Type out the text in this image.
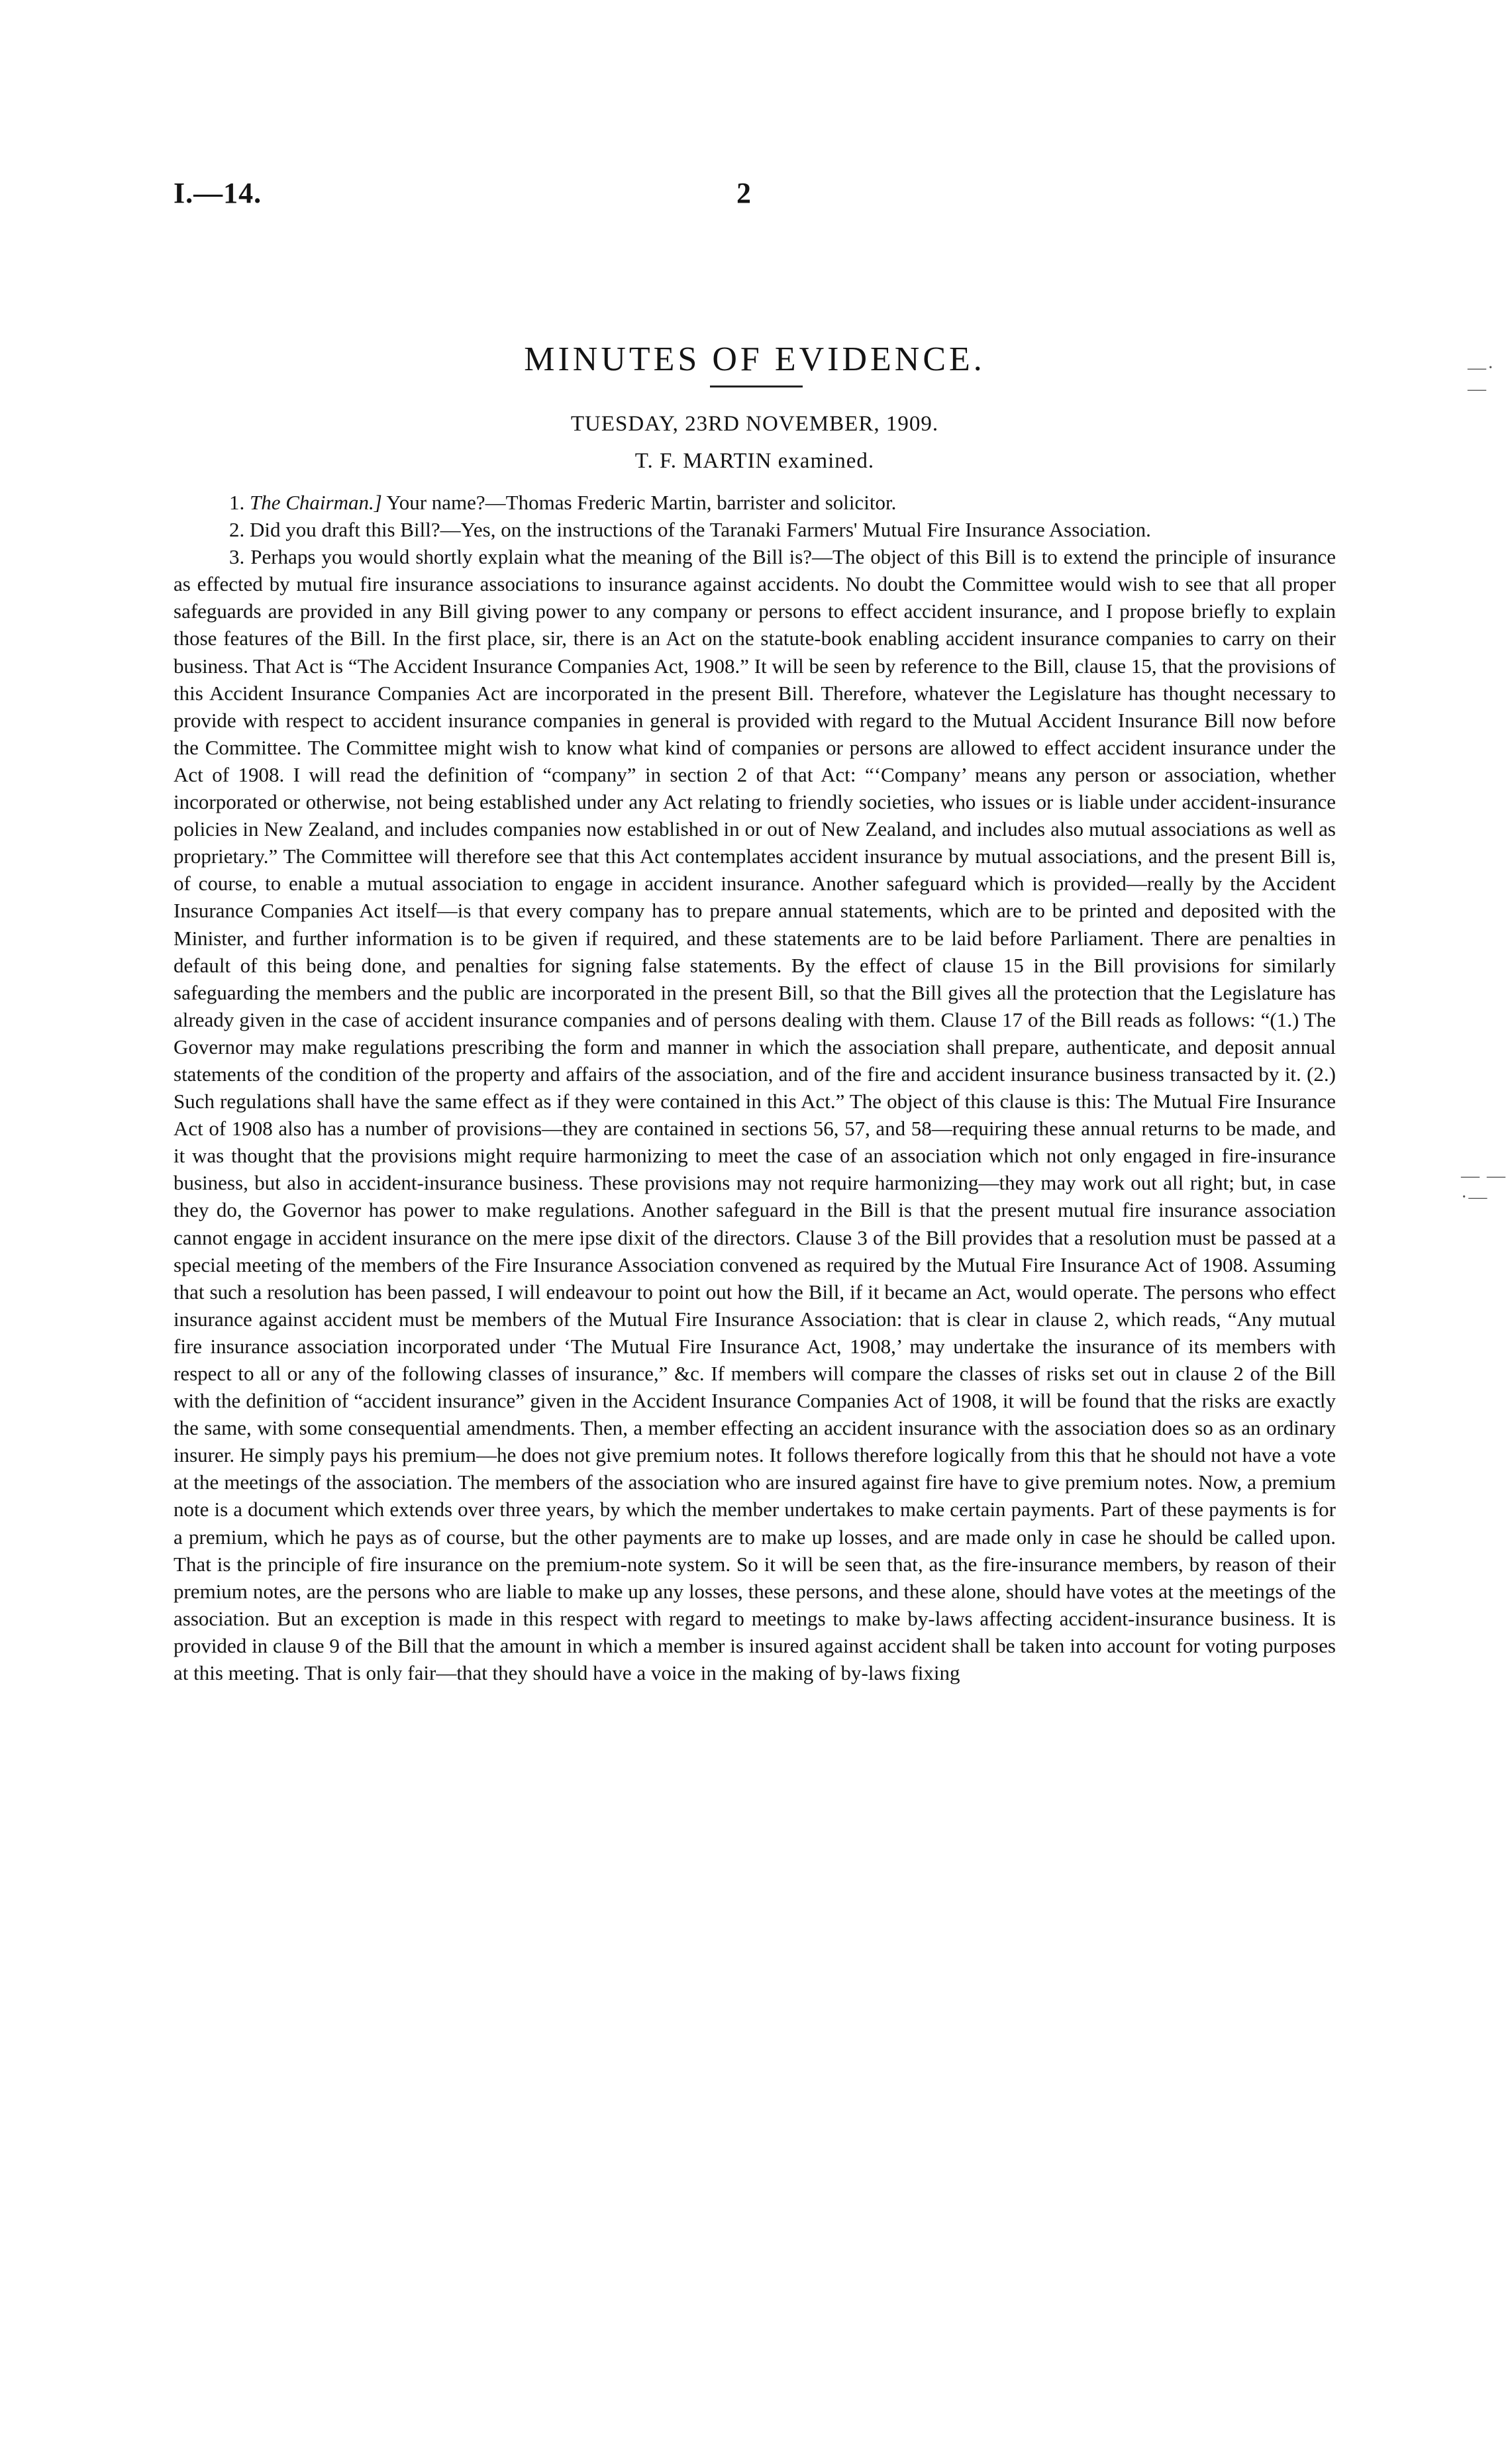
I.—14.	2
MINUTES OF EVIDENCE.
TUESDAY, 23RD NOVEMBER, 1909.
T. F. MARTIN examined.
—·—
— —·—

1. The Chairman.] Your name?—Thomas Frederic Martin, barrister and solicitor.

2. Did you draft this Bill?—Yes, on the instructions of the Taranaki Farmers' Mutual Fire Insurance Association.

3. Perhaps you would shortly explain what the meaning of the Bill is?—The object of this Bill is to extend the principle of insurance as effected by mutual fire insurance associations to insurance against accidents. No doubt the Committee would wish to see that all proper safeguards are provided in any Bill giving power to any company or persons to effect accident insurance, and I propose briefly to explain those features of the Bill. In the first place, sir, there is an Act on the statute-book enabling accident insurance companies to carry on their business. That Act is “The Accident Insurance Companies Act, 1908.” It will be seen by reference to the Bill, clause 15, that the provisions of this Accident Insurance Companies Act are incorporated in the present Bill. Therefore, whatever the Legislature has thought necessary to provide with respect to accident insurance companies in general is provided with regard to the Mutual Accident Insurance Bill now before the Committee. The Committee might wish to know what kind of companies or persons are allowed to effect accident insurance under the Act of 1908. I will read the definition of “company” in section 2 of that Act: “‘Company’ means any person or association, whether incorporated or otherwise, not being established under any Act relating to friendly societies, who issues or is liable under accident-insurance policies in New Zealand, and includes companies now established in or out of New Zealand, and includes also mutual associations as well as proprietary.” The Committee will therefore see that this Act contemplates accident insurance by mutual associations, and the present Bill is, of course, to enable a mutual association to engage in accident insurance. Another safeguard which is provided—really by the Accident Insurance Companies Act itself—is that every company has to prepare annual statements, which are to be printed and deposited with the Minister, and further information is to be given if required, and these statements are to be laid before Parliament. There are penalties in default of this being done, and penalties for signing false statements. By the effect of clause 15 in the Bill provisions for similarly safeguarding the members and the public are incorporated in the present Bill, so that the Bill gives all the protection that the Legislature has already given in the case of accident insurance companies and of persons dealing with them. Clause 17 of the Bill reads as follows: “(1.) The Governor may make regulations prescribing the form and manner in which the association shall prepare, authenticate, and deposit annual statements of the condition of the property and affairs of the association, and of the fire and accident insurance business transacted by it. (2.) Such regulations shall have the same effect as if they were contained in this Act.” The object of this clause is this: The Mutual Fire Insurance Act of 1908 also has a number of provisions—they are contained in sections 56, 57, and 58—requiring these annual returns to be made, and it was thought that the provisions might require harmonizing to meet the case of an association which not only engaged in fire-insurance business, but also in accident-insurance business. These provisions may not require harmonizing—they may work out all right; but, in case they do, the Governor has power to make regulations. Another safeguard in the Bill is that the present mutual fire insurance association cannot engage in accident insurance on the mere ipse dixit of the directors. Clause 3 of the Bill provides that a resolution must be passed at a special meeting of the members of the Fire Insurance Association convened as required by the Mutual Fire Insurance Act of 1908. Assuming that such a resolution has been passed, I will endeavour to point out how the Bill, if it became an Act, would operate. The persons who effect insurance against accident must be members of the Mutual Fire Insurance Association: that is clear in clause 2, which reads, “Any mutual fire insurance association incorporated under ‘The Mutual Fire Insurance Act, 1908,’ may undertake the insurance of its members with respect to all or any of the following classes of insurance,” &c. If members will compare the classes of risks set out in clause 2 of the Bill with the definition of “accident insurance” given in the Accident Insurance Companies Act of 1908, it will be found that the risks are exactly the same, with some consequential amendments. Then, a member effecting an accident insurance with the association does so as an ordinary insurer. He simply pays his premium—he does not give premium notes. It follows therefore logically from this that he should not have a vote at the meetings of the association. The members of the association who are insured against fire have to give premium notes. Now, a premium note is a document which extends over three years, by which the member undertakes to make certain payments. Part of these payments is for a premium, which he pays as of course, but the other payments are to make up losses, and are made only in case he should be called upon. That is the principle of fire insurance on the premium-note system. So it will be seen that, as the fire-insurance members, by reason of their premium notes, are the persons who are liable to make up any losses, these persons, and these alone, should have votes at the meetings of the association. But an exception is made in this respect with regard to meetings to make by-laws affecting accident-insurance business. It is provided in clause 9 of the Bill that the amount in which a member is insured against accident shall be taken into account for voting purposes at this meeting. That is only fair—that they should have a voice in the making of by-laws fixing
